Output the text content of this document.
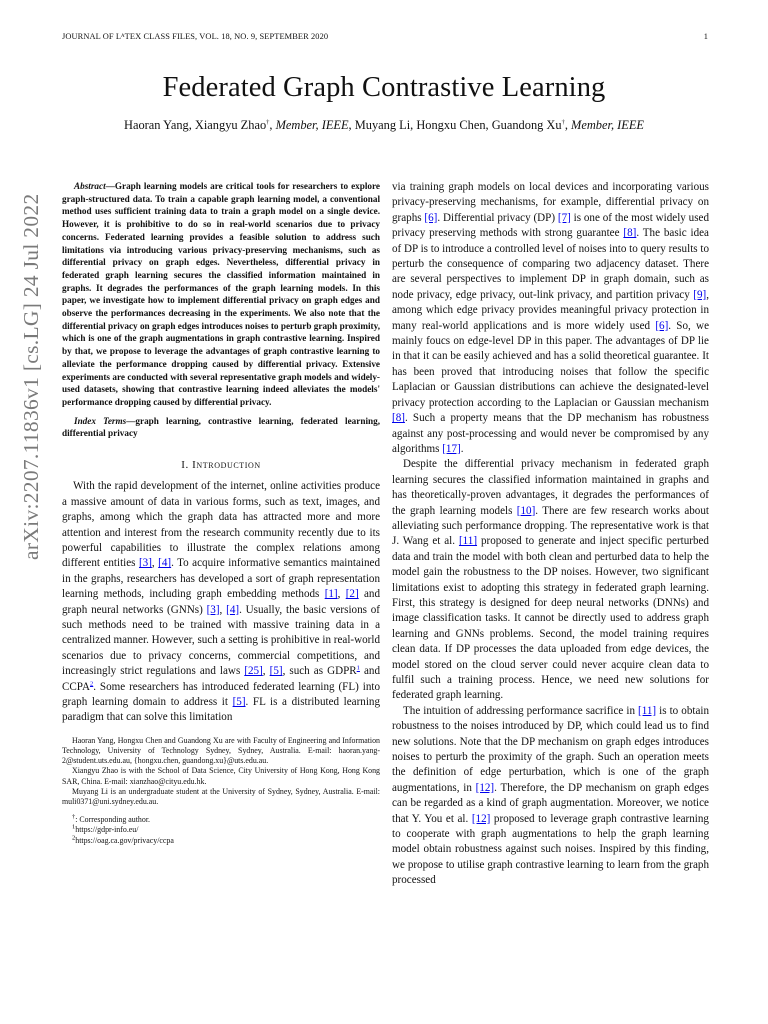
JOURNAL OF LᴬTEX CLASS FILES, VOL. 18, NO. 9, SEPTEMBER 2020	1
Federated Graph Contrastive Learning
Haoran Yang, Xiangyu Zhao†, Member, IEEE, Muyang Li, Hongxu Chen, Guandong Xu†, Member, IEEE
arXiv:2207.11836v1 [cs.LG] 24 Jul 2022

Abstract—Graph learning models are critical tools for researchers to explore graph-structured data. To train a capable graph learning model, a conventional method uses sufficient training data to train a graph model on a single device. However, it is prohibitive to do so in real-world scenarios due to privacy concerns. Federated learning provides a feasible solution to address such limitations via introducing various privacy-preserving mechanisms, such as differential privacy on graph edges. Nevertheless, differential privacy in federated graph learning secures the classified information maintained in graphs. It degrades the performances of the graph learning models. In this paper, we investigate how to implement differential privacy on graph edges and observe the performances decreasing in the experiments. We also note that the differential privacy on graph edges introduces noises to perturb graph proximity, which is one of the graph augmentations in graph contrastive learning. Inspired by that, we propose to leverage the advantages of graph contrastive learning to alleviate the performance dropping caused by differential privacy. Extensive experiments are conducted with several representative graph models and widely-used datasets, showing that contrastive learning indeed alleviates the models' performance dropping caused by differential privacy.

Index Terms—graph learning, contrastive learning, federated learning, differential privacy

I. Introduction

With the rapid development of the internet, online activities produce a massive amount of data in various forms, such as text, images, and graphs, among which the graph data has attracted more and more attention and interest from the research community recently due to its powerful capabilities to illustrate the complex relations among different entities [3], [4]. To acquire informative semantics maintained in the graphs, researchers has developed a sort of graph representation learning methods, including graph embedding methods [1], [2] and graph neural networks (GNNs) [3], [4]. Usually, the basic versions of such methods need to be trained with massive training data in a centralized manner. However, such a setting is prohibitive in real-world scenarios due to privacy concerns, commercial competitions, and increasingly strict regulations and laws [25], [5], such as GDPR$^1$ and CCPA$^2$. Some researchers has introduced federated learning (FL) into graph learning domain to address it [5]. FL is a distributed learning paradigm that can solve this limitation

Haoran Yang, Hongxu Chen and Guandong Xu are with Faculty of Engineering and Information Technology, University of Technology Sydney, Sydney, Australia. E-mail: haoran.yang-2@student.uts.edu.au, {hongxu.chen, guandong.xu}@uts.edu.au.

Xiangyu Zhao is with the School of Data Science, City University of Hong Kong, Hong Kong SAR, China. E-mail: xianzhao@cityu.edu.hk.

Muyang Li is an undergraduate student at the University of Sydney, Sydney, Australia. E-mail: muli0371@uni.sydney.edu.au.

†: Corresponding author.

$^1$https://gdpr-info.eu/

$^2$https://oag.ca.gov/privacy/ccpa

via training graph models on local devices and incorporating various privacy-preserving mechanisms, for example, differential privacy on graphs [6]. Differential privacy (DP) [7] is one of the most widely used privacy preserving methods with strong guarantee [8]. The basic idea of DP is to introduce a controlled level of noises into to query results to perturb the consequence of comparing two adjacency dataset. There are several perspectives to implement DP in graph domain, such as node privacy, edge privacy, out-link privacy, and partition privacy [9], among which edge privacy provides meaningful privacy protection in many real-world applications and is more widely used [6]. So, we mainly foucs on edge-level DP in this paper. The advantages of DP lie in that it can be easily achieved and has a solid theoretical guarantee. It has been proved that introducing noises that follow the specific Laplacian or Gaussian distributions can achieve the designated-level privacy protection according to the Laplacian or Gaussian mechanism [8]. Such a property means that the DP mechanism has robustness against any post-processing and would never be compromised by any algorithms [17].

Despite the differential privacy mechanism in federated graph learning secures the classified information maintained in graphs and has theoretically-proven advantages, it degrades the performances of the graph learning models [10]. There are few research works about alleviating such performance dropping. The representative work is that J. Wang et al. [11] proposed to generate and inject specific perturbed data and train the model with both clean and perturbed data to help the model gain the robustness to the DP noises. However, two significant limitations exist to adopting this strategy in federated graph learning. First, this strategy is designed for deep neural networks (DNNs) and image classification tasks. It cannot be directly used to address graph learning and GNNs problems. Second, the model training requires clean data. If DP processes the data uploaded from edge devices, the model stored on the cloud server could never acquire clean data to fulfil such a training process. Hence, we need new solutions for federated graph learning.

The intuition of addressing performance sacrifice in [11] is to obtain robustness to the noises introduced by DP, which could lead us to find new solutions. Note that the DP mechanism on graph edges introduces noises to perturb the proximity of the graph. Such an operation meets the definition of edge perturbation, which is one of the graph augmentations, in [12]. Therefore, the DP mechanism on graph edges can be regarded as a kind of graph augmentation. Moreover, we notice that Y. You et al. [12] proposed to leverage graph contrastive learning to cooperate with graph augmentations to help the graph learning model obtain robustness against such noises. Inspired by this finding, we propose to utilise graph contrastive learning to learn from the graph processed
